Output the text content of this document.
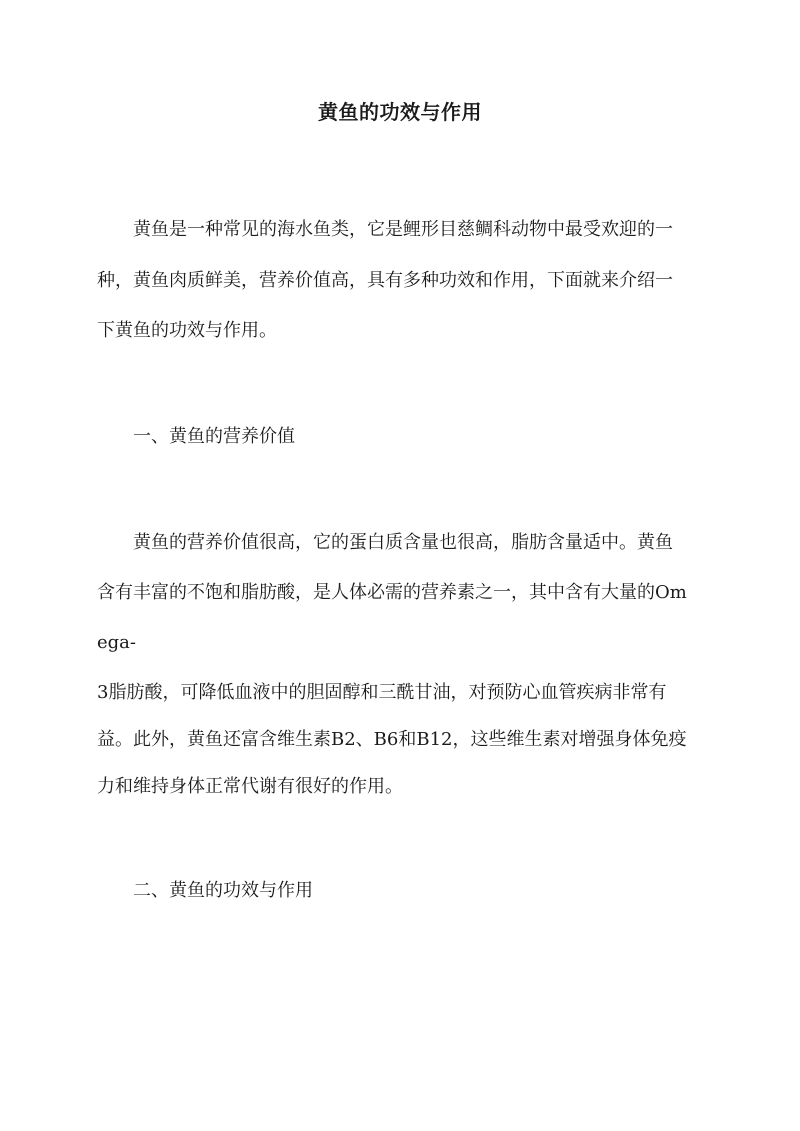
黄鱼的功效与作用
　　黄鱼是一种常见的海水鱼类，它是鲤形目慈鲷科动物中最受欢迎的一
种，黄鱼肉质鲜美，营养价值高，具有多种功效和作用，下面就来介绍一
下黄鱼的功效与作用。
　　一、黄鱼的营养价值
　　黄鱼的营养价值很高，它的蛋白质含量也很高，脂肪含量适中。黄鱼
含有丰富的不饱和脂肪酸，是人体必需的营养素之一，其中含有大量的Om
ega-
3脂肪酸，可降低血液中的胆固醇和三酰甘油，对预防心血管疾病非常有
益。此外，黄鱼还富含维生素B2、B6和B12，这些维生素对增强身体免疫
力和维持身体正常代谢有很好的作用。
　　二、黄鱼的功效与作用
